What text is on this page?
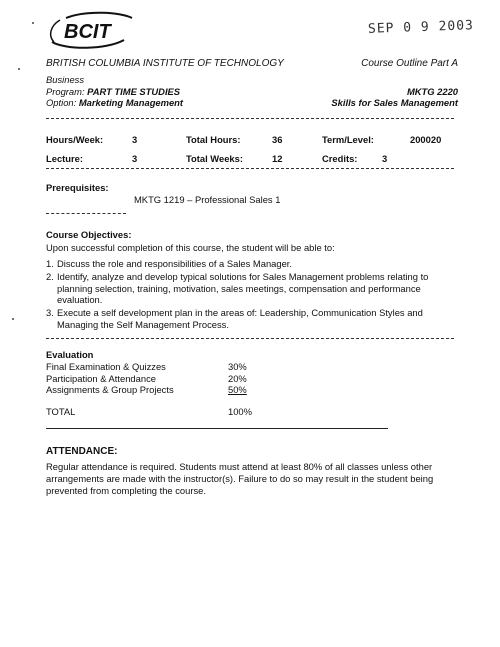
BCIT	SEP 0 9 2003
BRITISH COLUMBIA INSTITUTE OF TECHNOLOGY	Course Outline Part A
Business
Program: PART TIME STUDIES	MKTG 2220
Option: Marketing Management	Skills for Sales Management
Hours/Week:	3	Total Hours:	36	Term/Level:	200020
Lecture:	3	Total Weeks:	12	Credits:	3
Prerequisites:
MKTG 1219 – Professional Sales 1
Course Objectives:
Upon successful completion of this course, the student will be able to:
1. Discuss the role and responsibilities of a Sales Manager.
2. Identify, analyze and develop typical solutions for Sales Management problems relating to planning selection, training, motivation, sales meetings, compensation and performance evaluation.
3. Execute a self development plan in the areas of: Leadership, Communication Styles and Managing the Self Management Process.
Evaluation
Final Examination & Quizzes	30%
Participation & Attendance	20%
Assignments & Group Projects	50%
TOTAL	100%
ATTENDANCE:
Regular attendance is required. Students must attend at least 80% of all classes unless other arrangements are made with the instructor(s). Failure to do so may result in the student being prevented from completing the course.
